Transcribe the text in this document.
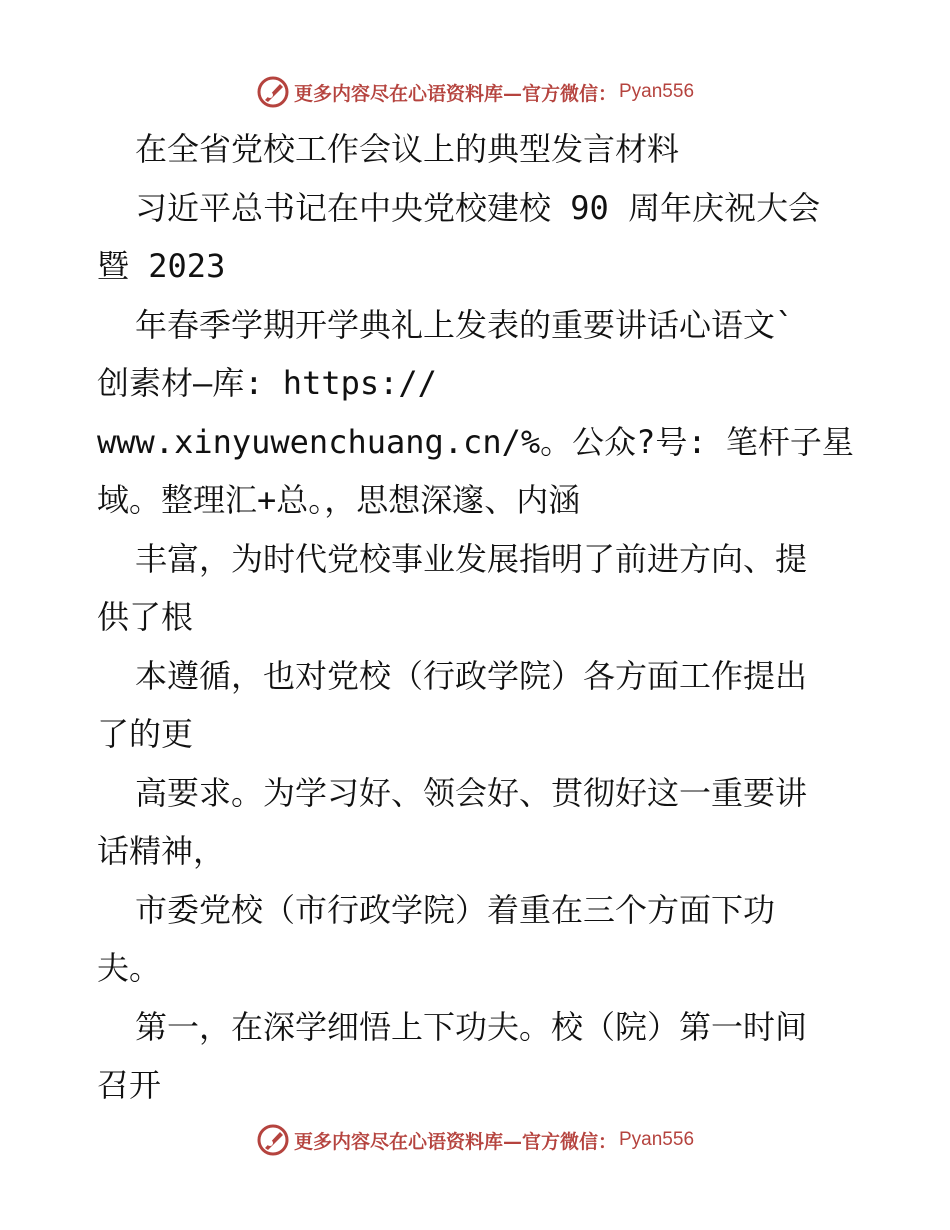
更多内容尽在心语资料库—官方微信： Pyan556
在全省党校工作会议上的典型发言材料
习近平总书记在中央党校建校 90 周年庆祝大会
暨 2023
年春季学期开学典礼上发表的重要讲话心语文`
创素材—库: https://
www.xinyuwenchuang.cn/%。公众?号: 笔杆子星
域。整理汇+总。，思想深邃、内涵
丰富，为时代党校事业发展指明了前进方向、提
供了根
本遵循，也对党校（行政学院）各方面工作提出
了的更
高要求。为学习好、领会好、贯彻好这一重要讲
话精神，
市委党校（市行政学院）着重在三个方面下功
夫。
第一，在深学细悟上下功夫。校（院）第一时间
召开
更多内容尽在心语资料库—官方微信： Pyan556
